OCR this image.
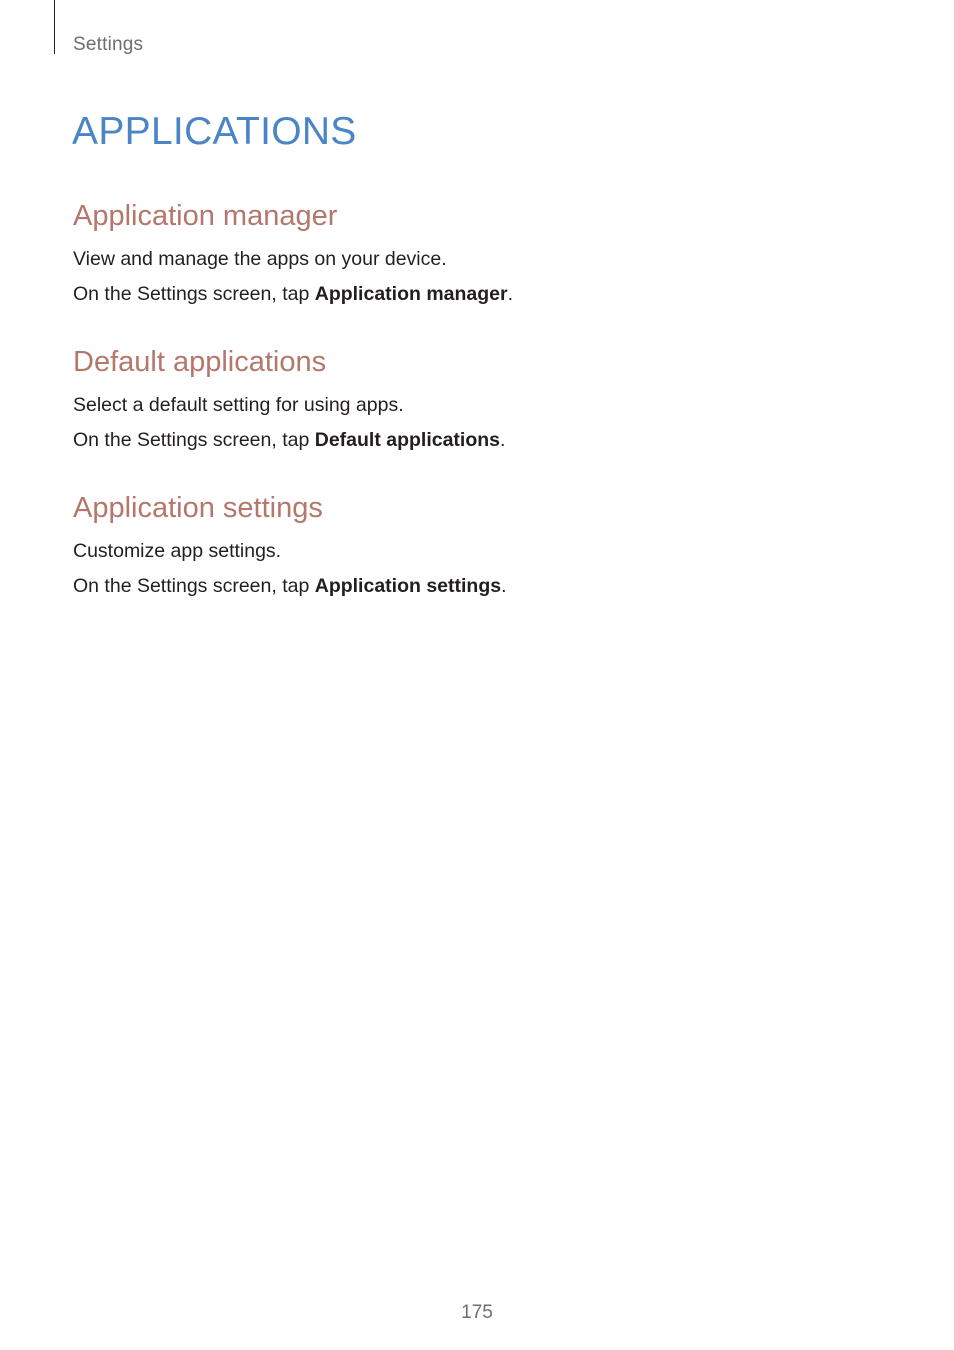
Settings
APPLICATIONS
Application manager

View and manage the apps on your device.

On the Settings screen, tap Application manager.

Default applications

Select a default setting for using apps.

On the Settings screen, tap Default applications.

Application settings

Customize app settings.

On the Settings screen, tap Application settings.

175
